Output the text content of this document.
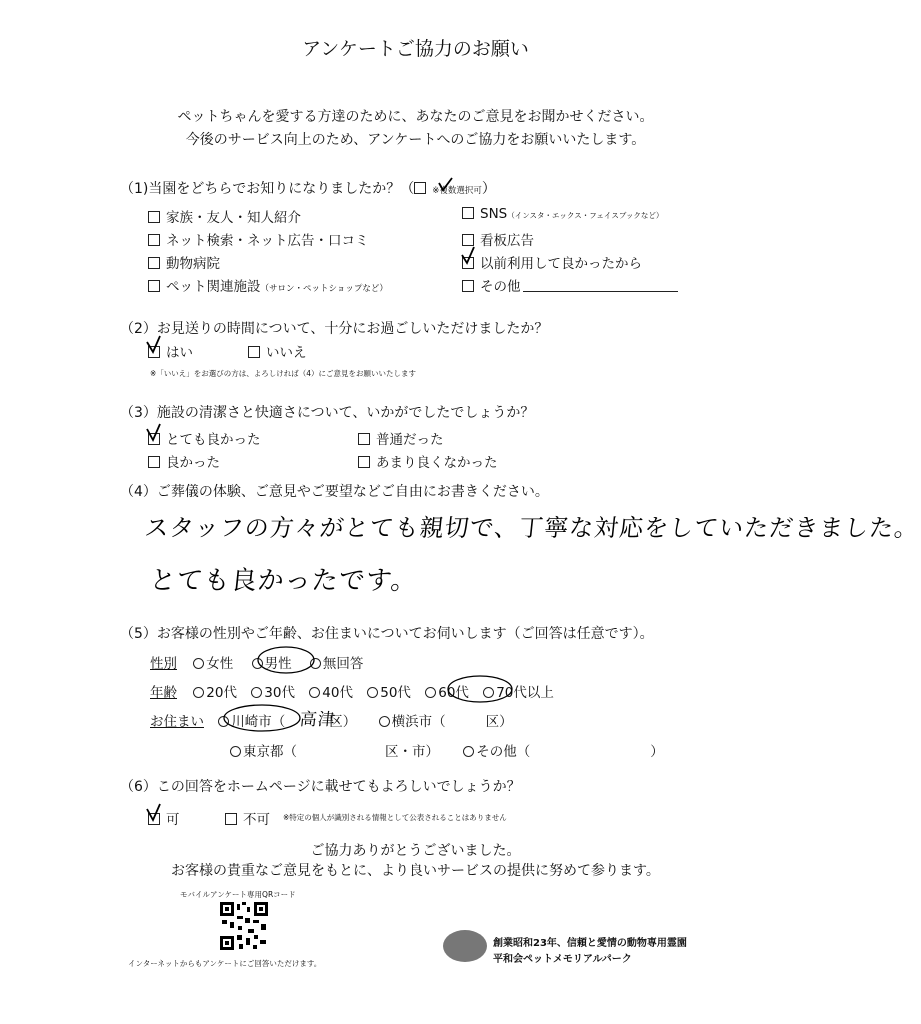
アンケートご協力のお願い
ペットちゃんを愛する方達のために、あなたのご意見をお聞かせください。
今後のサービス向上のため、アンケートへのご協力をお願いいたします。
（1)当園をどちらでお知りになりましたか？（ ※複数選択可）
家族・友人・知人紹介
ネット検索・ネット広告・口コミ
動物病院
ペット関連施設（サロン・ペットショップなど）
SNS（インスタ・エックス・フェイスブックなど）
看板広告
以前利用して良かったから
その他
（2）お見送りの時間について、十分にお過ごしいただけましたか？
はい	いいえ
※「いいえ」をお選びの方は、よろしければ（4）にご意見をお願いいたします
（3）施設の清潔さと快適さについて、いかがでしたでしょうか？
とても良かった
良かった
普通だった
あまり良くなかった
（4）ご葬儀の体験、ご意見やご要望などご自由にお書きください。
スタッフの方々がとても親切で、丁寧な対応をしていただきました。
とても良かったです。
（5）お客様の性別やご年齢、お住まいについてお伺いします（ご回答は任意です）。
性別 女性 男性 無回答
年齢 20代 30代 40代 50代 60代 70代以上
お住まい 川崎市（	区）	横浜市（	区）
高津
東京都（	区・市）	その他（	）
（6）この回答をホームページに載せてもよろしいでしょうか？
可	不可 ※特定の個人が識別される情報として公表されることはありません
ご協力ありがとうございました。
お客様の貴重なご意見をもとに、より良いサービスの提供に努めて参ります。
モバイルアンケート専用QRコード
インターネットからもアンケートにご回答いただけます。
創業昭和23年、信頼と愛情の動物専用霊園
平和会ペットメモリアルパーク
